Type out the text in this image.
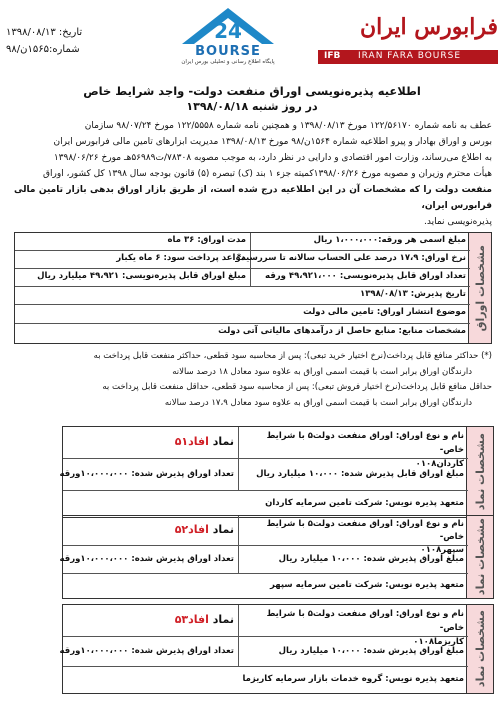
تاریخ: ۱۳۹۸/۰۸/۱۳
شماره:۱۵۶۵ن/۹۸
24
BOURSE
پایگاه اطلاع رسانی و تحلیلی بورس ایران
فرابورس ایران
IFB IRAN FARA BOURSE
اطلاعیه پذیره‌نویسی اوراق منفعت دولت- واجد شرایط خاص
در روز شنبه ۱۳۹۸/۰۸/۱۸
عطف به نامه شماره ۱۲۲/۵۶۱۷۰ مورخ ۱۳۹۸/۰۸/۱۳ و همچنین نامه شماره ۱۲۲/۵۵۵۸ مورخ ۹۸/۰۷/۲۴ سازمان
بورس و اوراق بهادار و پیرو اطلاعیه شماره ۱۵۶۴ن/۹۸ مورخ ۱۳۹۸/۰۸/۱۳ مدیریت ابزارهای تامین مالی فرابورس ایران
به اطلاع می‌رساند، وزارت امور اقتصادی و دارایی در نظر دارد، به موجب مصوبه ۷۸۳۰۸/ت۵۶۹۸۹هـ مورخ ۱۳۹۸/۰۶/۲۶
هیأت محترم وزیران و مصوبه مورخ ۱۳۹۸/۰۶/۲۶کمیته جزء ۱ بند (ک) تبصره (۵) قانون بودجه سال ۱۳۹۸ کل کشور، اوراق
منفعت دولت را که مشخصات آن در این اطلاعیه درج شده است، از طریق بازار اوراق بدهی بازار تامین مالی فرابورس ایران،
پذیره‌نویسی نماید.
مشخصات اوراق
مبلغ اسمی هر ورقه:۱،۰۰۰،۰۰۰ ریال
مدت اوراق: ۳۶ ماه
نرخ اوراق: ۱۷،۹ درصد علی الحساب سالانه تا سررسید*
مواعد پرداخت سود: ۶ ماه یکبار
تعداد اوراق قابل پذیره‌نویسی: ۴۹،۹۲۱،۰۰۰ ورقه
مبلغ اوراق قابل پذیره‌نویسی: ۴۹،۹۲۱ میلیارد ریال
تاریخ پذیرش: ۱۳۹۸/۰۸/۱۳
موضوع انتشار اوراق: تامین مالی دولت
مشخصات منابع: منابع حاصل از درآمدهای مالیاتی آتی دولت
(*) حداکثر منافع قابل پرداخت(نرخ اختیار خرید تبعی): پس از محاسبه سود قطعی، حداکثر منفعت قابل پرداخت به
دارندگان اوراق برابر است با قیمت اسمی اوراق به علاوه سود معادل ۱۸ درصد سالانه
حداقل منافع قابل پرداخت(نرخ اختیار فروش تبعی): پس از محاسبه سود قطعی، حداقل منفعت قابل پرداخت به
دارندگان اوراق برابر است با قیمت اسمی اوراق به علاوه سود معادل ۱۷،۹ درصد سالانه
مشخصات نماد
نام و نوع اوراق: اوراق منفعت دولت۵ با شرایط خاص-
کاردان۰۱۰۸
نماد افاد۵۱
مبلغ اوراق قابل پذیرش شده: ۱۰،۰۰۰ میلیارد ریال
تعداد اوراق پذیرش شده: ۱۰،۰۰۰،۰۰۰ورقه
متعهد پذیره نویس: شرکت تامین سرمایه کاردان
مشخصات نماد
نام و نوع اوراق: اوراق منفعت دولت۵ با شرایط خاص-
سپهر۰۱۰۸
نماد افاد۵۲
مبلغ اوراق پذیرش شده: ۱۰،۰۰۰ میلیارد ریال
تعداد اوراق پذیرش شده: ۱۰،۰۰۰،۰۰۰ورقه
متعهد پذیره نویس: شرکت تامین سرمایه سپهر
مشخصات نماد
نام و نوع اوراق: اوراق منفعت دولت۵ با شرایط خاص-
کاریزما۰۱۰۸
نماد افاد۵۳
مبلغ اوراق پذیرش شده: ۱۰،۰۰۰ میلیارد ریال
تعداد اوراق پذیرش شده: ۱۰،۰۰۰،۰۰۰ورقه
متعهد پذیره نویس: گروه خدمات بازار سرمایه کاریزما
